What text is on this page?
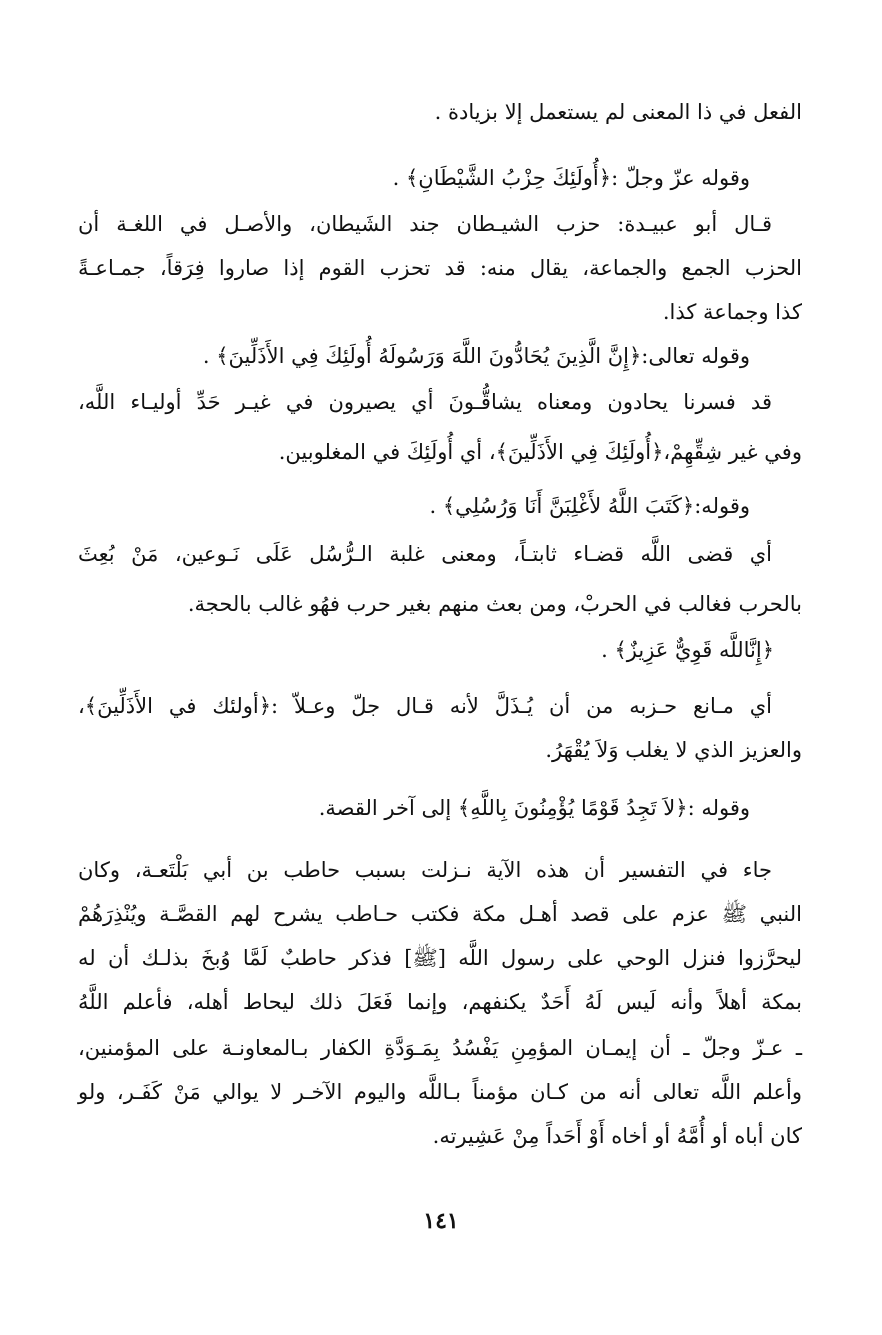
الفعل في ذا المعنى لم يستعمل إلا بزيادة .
وقوله عزّ وجلّ :﴿أُولَئِكَ حِزْبُ الشَّيْطَانِ﴾ .
قـال أبو عبيـدة: حزب الشيـطان جند الشَيطان، والأصـل في اللغـة أن
الحزب الجمع والجماعة، يقال منه: قد تحزب القوم إذا صاروا فِرَقاً، جمـاعـةً
كذا وجماعة كذا.
وقوله تعالى:﴿إِنَّ الَّذِينَ يُحَادُّونَ اللَّهَ وَرَسُولَهُ أُولَئِكَ فِي الأَذَلِّينَ﴾ .
قد فسرنا يحادون ومعناه يشاقُّـونَ أي يصيرون في غيـر حَدِّ أوليـاء اللَّه،
وفي غير شِقِّهِمْ،﴿أُولَئِكَ فِي الأَذَلِّينَ﴾، أي أُولَئِكَ في المغلوبين.
وقوله:﴿كَتَبَ اللَّهُ لأَغْلِبَنَّ أَنَا وَرُسُلِي﴾ .
أي قضى اللَّه قضـاء ثابتـاً، ومعنى غلبة الـرُّسُل عَلَى نَـوعين، مَنْ بُعِثَ
بالحرب فغالب في الحربْ، ومن بعث منهم بغير حرب فهُو غالب بالحجة.
﴿إِنَّاللَّه قَوِيٌّ عَزِيزٌ﴾ .
أي مـانع حـزبه من أن يُـذَلَّ لأنه قـال جلّ وعـلاّ :﴿أولئك في الأَذَلِّينَ﴾،
والعزيز الذي لا يغلب وَلاَ يُقْهَرُ.
وقوله :﴿لاَ تَجِدُ قَوْمًا يُؤْمِنُونَ بِاللَّهِ﴾ إلى آخر القصة.
جاء في التفسير أن هذه الآية نـزلت بسبب حاطب بن أبي بَلْتَعـة، وكان
النبي ﷺ عزم على قصد أهـل مكة فكتب حـاطب يشرح لهم القصَّـة ويُنْذِرَهُمْ
ليحرَّزوا فنزل الوحي على رسول اللَّه [ﷺ] فذكر حاطبٌ لَمَّا وُبخَ بذلـك أن له
بمكة أهلاً وأنه لَيس لَهُ أَحَدٌ يكنفهم، وإنما فَعَلَ ذلك ليحاط أهله، فأعلم اللَّهُ
ـ عـزّ وجلّ ـ أن إيمـان المؤمِنِ يَفْسُدُ بِمَـوَدَّةِ الكفار بـالمعاونـة على المؤمنين،
وأعلم اللَّه تعالى أنه من كـان مؤمناً بـاللَّه واليوم الآخـر لا يوالي مَنْ كَفَـر، ولو
كان أباه أو أُمَّهُ أو أخاه أَوْ أَحَداً مِنْ عَشِيرته.
١٤١
